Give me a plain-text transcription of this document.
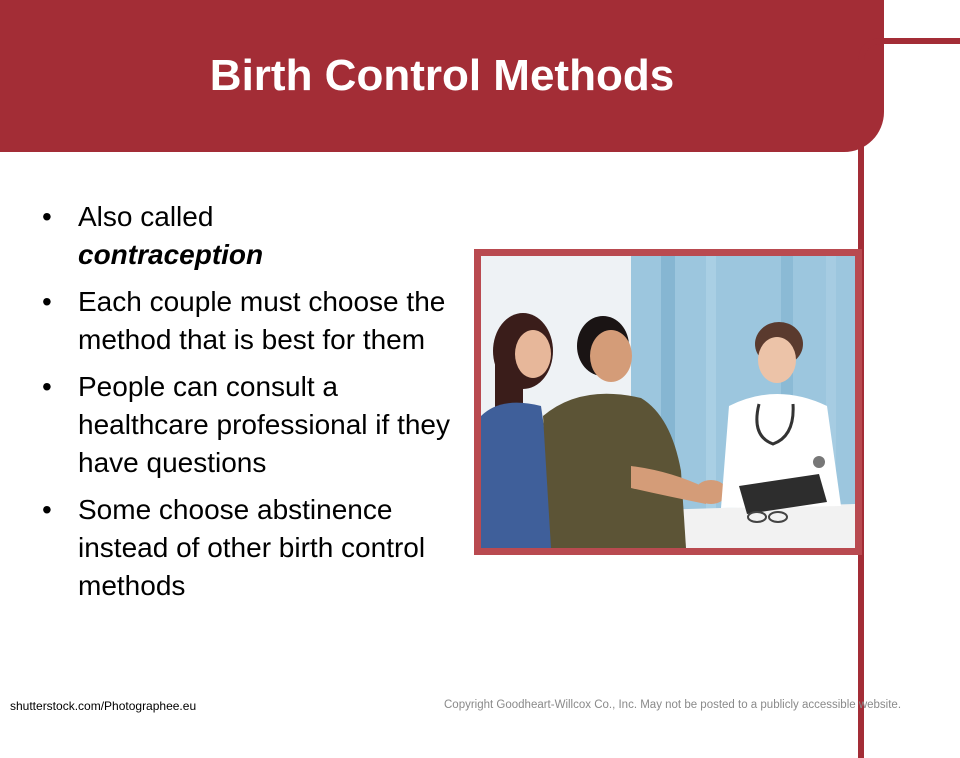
Birth Control Methods
• Also called
contraception
• Each couple must choose the method that is best for them
• People can consult a healthcare professional if they have questions
• Some choose abstinence instead of other birth control methods
shutterstock.com/Photographee.eu	Copyright Goodheart-Willcox Co., Inc. May not be posted to a publicly accessible website.
